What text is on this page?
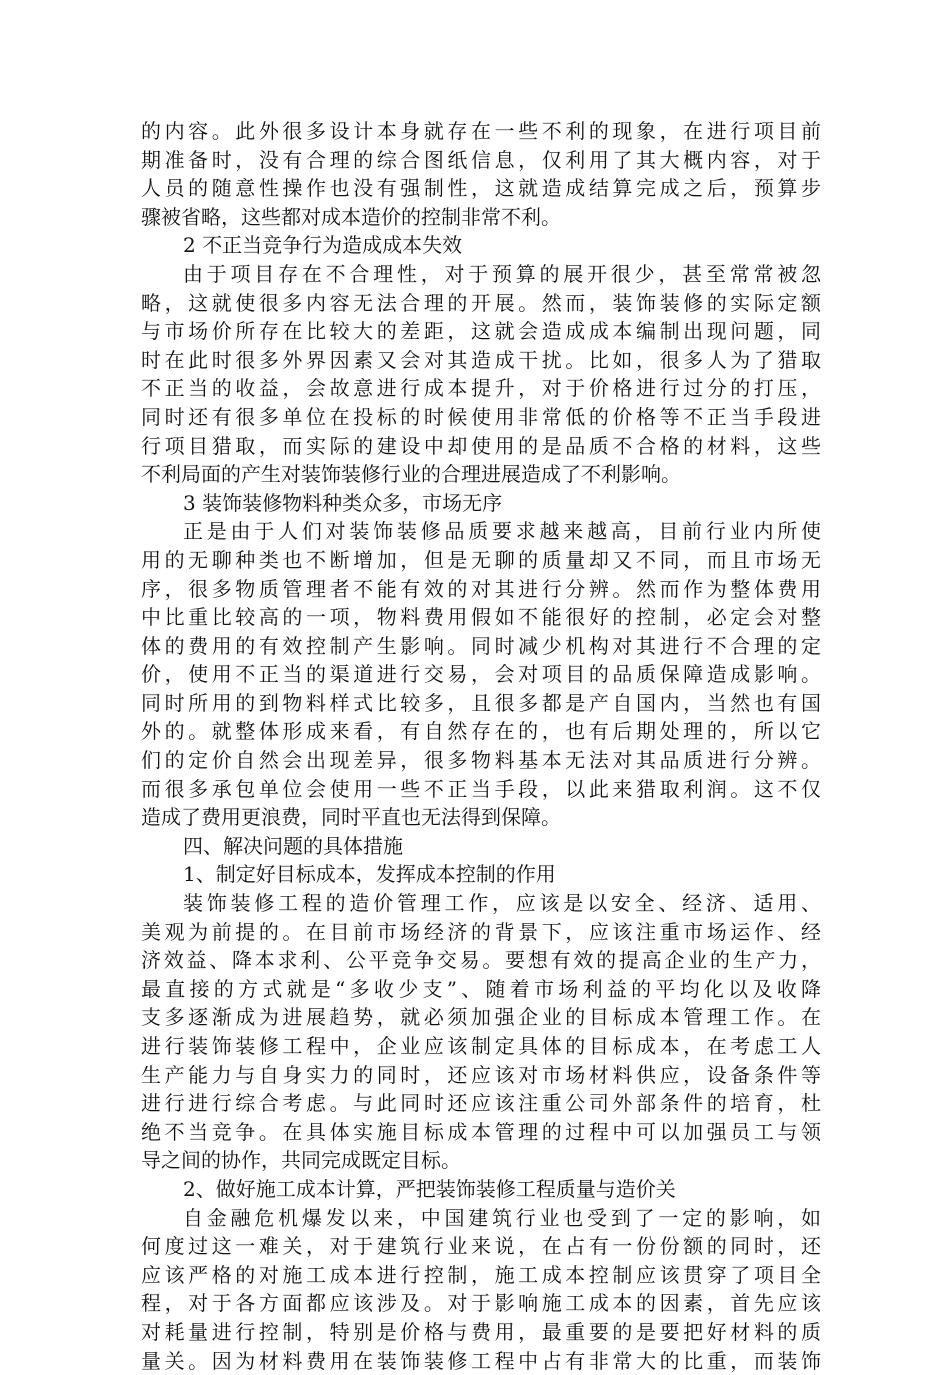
的内容。此外很多设计本身就存在一些不利的现象，在进行项目前
期准备时，没有合理的综合图纸信息，仅利用了其大概内容，对于
人员的随意性操作也没有强制性，这就造成结算完成之后，预算步
骤被省略，这些都对成本造价的控制非常不利。
2 不正当竞争行为造成成本失效
由于项目存在不合理性，对于预算的展开很少，甚至常常被忽
略，这就使很多内容无法合理的开展。然而，装饰装修的实际定额
与市场价所存在比较大的差距，这就会造成成本编制出现问题，同
时在此时很多外界因素又会对其造成干扰。比如，很多人为了猎取
不正当的收益，会故意进行成本提升，对于价格进行过分的打压，
同时还有很多单位在投标的时候使用非常低的价格等不正当手段进
行项目猎取，而实际的建设中却使用的是品质不合格的材料，这些
不利局面的产生对装饰装修行业的合理进展造成了不利影响。
3 装饰装修物料种类众多，市场无序
正是由于人们对装饰装修品质要求越来越高，目前行业内所使
用的无聊种类也不断增加，但是无聊的质量却又不同，而且市场无
序，很多物质管理者不能有效的对其进行分辨。然而作为整体费用
中比重比较高的一项，物料费用假如不能很好的控制，必定会对整
体的费用的有效控制产生影响。同时减少机构对其进行不合理的定
价，使用不正当的渠道进行交易，会对项目的品质保障造成影响。
同时所用的到物料样式比较多，且很多都是产自国内，当然也有国
外的。就整体形成来看，有自然存在的，也有后期处理的，所以它
们的定价自然会出现差异，很多物料基本无法对其品质进行分辨。
而很多承包单位会使用一些不正当手段，以此来猎取利润。这不仅
造成了费用更浪费，同时平直也无法得到保障。
四、解决问题的具体措施
1、制定好目标成本，发挥成本控制的作用
装饰装修工程的造价管理工作，应该是以安全、经济、适用、
美观为前提的。在目前市场经济的背景下，应该注重市场运作、经
济效益、降本求利、公平竞争交易。要想有效的提高企业的生产力，
最直接的方式就是“多收少支”、随着市场利益的平均化以及收降
支多逐渐成为进展趋势，就必须加强企业的目标成本管理工作。在
进行装饰装修工程中，企业应该制定具体的目标成本，在考虑工人
生产能力与自身实力的同时，还应该对市场材料供应，设备条件等
进行进行综合考虑。与此同时还应该注重公司外部条件的培育，杜
绝不当竞争。在具体实施目标成本管理的过程中可以加强员工与领
导之间的协作，共同完成既定目标。
2、做好施工成本计算，严把装饰装修工程质量与造价关
自金融危机爆发以来，中国建筑行业也受到了一定的影响，如
何度过这一难关，对于建筑行业来说，在占有一份份额的同时，还
应该严格的对施工成本进行控制，施工成本控制应该贯穿了项目全
程，对于各方面都应该涉及。对于影响施工成本的因素，首先应该
对耗量进行控制，特别是价格与费用，最重要的是要把好材料的质
量关。因为材料费用在装饰装修工程中占有非常大的比重，而装饰
